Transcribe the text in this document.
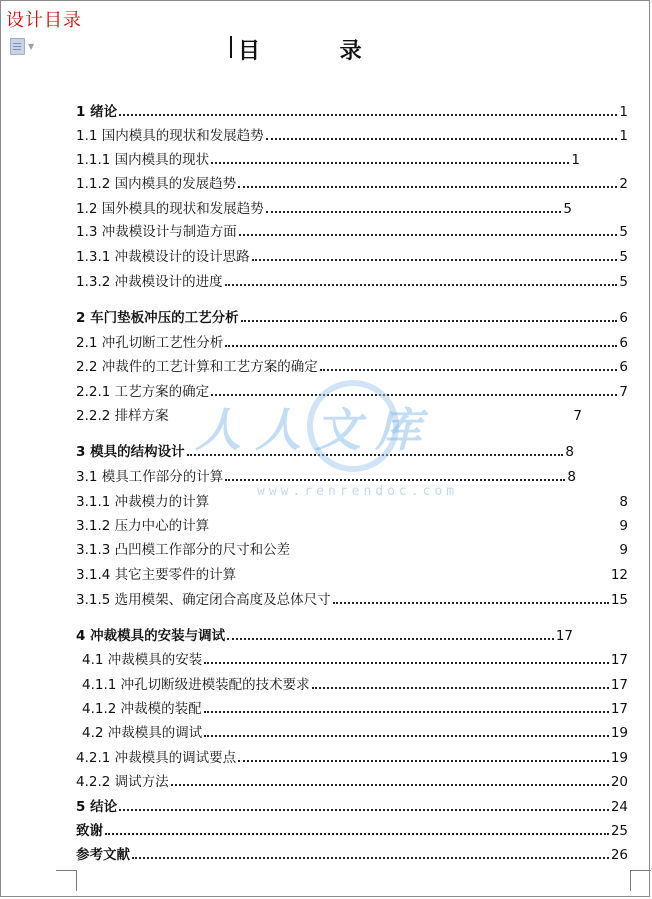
设计目录
▼	目 录
1 绪论	1
1.1 国内模具的现状和发展趋势	1
1.1.1 国内模具的现状	1
1.1.2 国内模具的发展趋势	2
1.2 国外模具的现状和发展趋势	5
1.3 冲裁模设计与制造方面	5
1.3.1 冲裁模设计的设计思路	5
1.3.2 冲裁模设计的进度	5
2 车门垫板冲压的工艺分析	6
2.1 冲孔切断工艺性分析	6
2.2 冲裁件的工艺计算和工艺方案的确定	6
2.2.1 工艺方案的确定	7
2.2.2 排样方案	7
3 模具的结构设计	8
3.1 模具工作部分的计算	8
3.1.1 冲裁模力的计算	8
3.1.2 压力中心的计算	9
3.1.3 凸凹模工作部分的尺寸和公差	9
3.1.4 其它主要零件的计算	12
3.1.5 选用模架、确定闭合高度及总体尺寸	15
4 冲裁模具的安装与调试	17
4.1 冲裁模具的安装	17
4.1.1 冲孔切断级进模装配的技术要求	17
4.1.2 冲裁模的装配	17
4.2 冲裁模具的调试	19
4.2.1 冲裁模具的调试要点	19
4.2.2 调试方法	20
5 结论	24
致谢	25
参考文献	26
人人文库
www.renrendoc.com
